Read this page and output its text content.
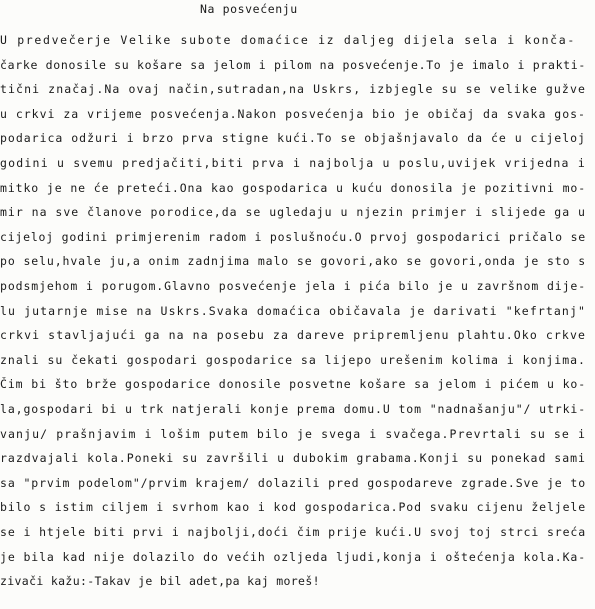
Na posvećenju
U predvečerje Velike subote domaćice iz daljeg dijela sela i konča-
čarke donosile su košare sa jelom i pilom na posvećenje.To je imalo i prakti-
tični značaj.Na ovaj način,sutradan,na Uskrs, izbjegle su se velike gužve
u crkvi za vrijeme posvećenja.Nakon posvećenja bio je običaj da svaka gos-
podarica odžuri i brzo prva stigne kući.To se objašnjavalo da će u cijeloj
godini u svemu predjačiti,biti prva i najbolja u poslu,uvijek vrijedna i
mitko je ne će preteći.Ona kao gospodarica u kuću donosila je pozitivni mo-
mir na sve članove porodice,da se ugledaju u njezin primjer i slijede ga u
cijeloj godini primjerenim radom i poslušnoću.O prvoj gospodarici pričalo se
po selu,hvale ju,a onim zadnjima malo se govori,ako se govori,onda je sto s
podsmjehom i porugom.Glavno posvećenje jela i pića bilo je u završnom dije-
lu jutarnje mise na Uskrs.Svaka domaćica običavala je darivati "kefrtanj"
crkvi stavljajući ga na na posebu za dareve pripremljenu plahtu.Oko crkve
znali su čekati gospodari gospodarice sa lijepo urešenim kolima i konjima.
Čim bi što brže gospodarice donosile posvetne košare sa jelom i pićem u ko-
la,gospodari bi u trk natjerali konje prema domu.U tom "nadnašanju"/ utrki-
vanju/ prašnjavim i lošim putem bilo je svega i svačega.Prevrtali su se i
razdvajali kola.Poneki su završili u dubokim grabama.Konji su ponekad sami
sa "prvim podelom"/prvim krajem/ dolazili pred gospodareve zgrade.Sve je to
bilo s istim ciljem i svrhom kao i kod gospodarica.Pod svaku cijenu željele
se i htjele biti prvi i najbolji,doći čim prije kući.U svoj toj strci sreća
je bila kad nije dolazilo do većih ozljeda ljudi,konja i oštećenja kola.Ka-
zivači kažu:-Takav je bil adet,pa kaj moreš!
